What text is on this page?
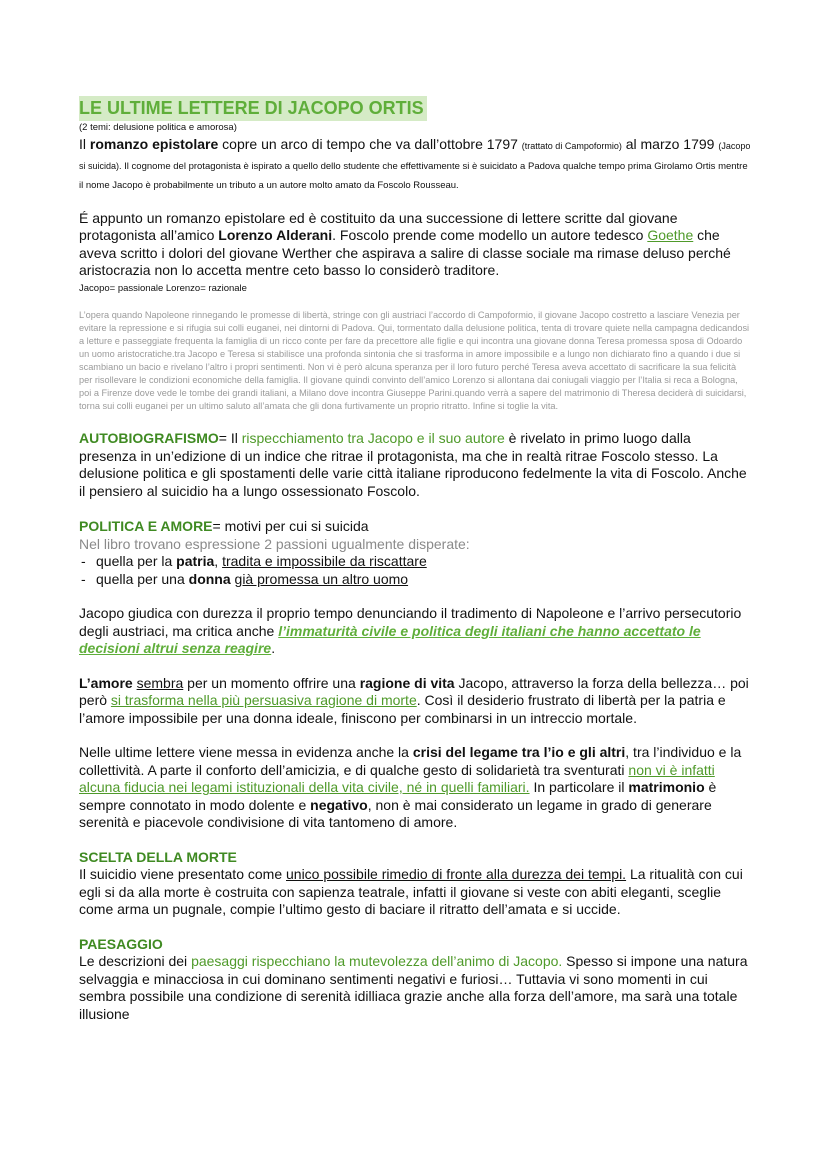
LE ULTIME LETTERE DI JACOPO ORTIS

(2 temi: delusione politica e amorosa)

Il romanzo epistolare copre un arco di tempo che va dall’ottobre 1797 (trattato di Campoformio) al marzo 1799 (Jacopo si suicida). Il cognome del protagonista è ispirato a quello dello studente che effettivamente si è suicidato a Padova qualche tempo prima Girolamo Ortis mentre il nome Jacopo è probabilmente un tributo a un autore molto amato da Foscolo Rousseau.

É appunto un romanzo epistolare ed è costituito da una successione di lettere scritte dal giovane protagonista all’amico Lorenzo Alderani. Foscolo prende come modello un autore tedesco Goethe che aveva scritto i dolori del giovane Werther che aspirava a salire di classe sociale ma rimase deluso perché aristocrazia non lo accetta mentre ceto basso lo considerò traditore.

Jacopo= passionale Lorenzo= razionale

L’opera quando Napoleone rinnegando le promesse di libertà, stringe con gli austriaci l’accordo di Campoformio, il giovane Jacopo costretto a lasciare Venezia per evitare la repressione e si rifugia sui colli euganei, nei dintorni di Padova. Qui, tormentato dalla delusione politica, tenta di trovare quiete nella campagna dedicandosi a letture e passeggiate frequenta la famiglia di un ricco conte per fare da precettore alle figlie e qui incontra una giovane donna Teresa promessa sposa di Odoardo un uomo aristocratiche.tra Jacopo e Teresa si stabilisce una profonda sintonia che si trasforma in amore impossibile e a lungo non dichiarato fino a quando i due si scambiano un bacio e rivelano l’altro i propri sentimenti. Non vi è però alcuna speranza per il loro futuro perché Teresa aveva accettato di sacrificare la sua felicità per risollevare le condizioni economiche della famiglia. Il giovane quindi convinto dell’amico Lorenzo si allontana dai coniugali viaggio per l’Italia si reca a Bologna, poi a Firenze dove vede le tombe dei grandi italiani, a Milano dove incontra Giuseppe Parini.quando verrà a sapere del matrimonio di Theresa deciderà di suicidarsi, torna sui colli euganei per un ultimo saluto all’amata che gli dona furtivamente un proprio ritratto. Infine si toglie la vita.

AUTOBIOGRAFISMO= Il rispecchiamento tra Jacopo e il suo autore è rivelato in primo luogo dalla presenza in un’edizione di un indice che ritrae il protagonista, ma che in realtà ritrae Foscolo stesso. La delusione politica e gli spostamenti delle varie città italiane riproducono fedelmente la vita di Foscolo. Anche il pensiero al suicidio ha a lungo ossessionato Foscolo.

POLITICA E AMORE= motivi per cui si suicida

Nel libro trovano espressione 2 passioni ugualmente disperate:

- quella per la patria, tradita e impossibile da riscattare
- quella per una donna già promessa un altro uomo

Jacopo giudica con durezza il proprio tempo denunciando il tradimento di Napoleone e l’arrivo persecutorio degli austriaci, ma critica anche l’immaturità civile e politica degli italiani che hanno accettato le decisioni altrui senza reagire.

L’amore sembra per un momento offrire una ragione di vita Jacopo, attraverso la forza della bellezza… poi però si trasforma nella più persuasiva ragione di morte. Così il desiderio frustrato di libertà per la patria e l’amore impossibile per una donna ideale, finiscono per combinarsi in un intreccio mortale.

Nelle ultime lettere viene messa in evidenza anche la crisi del legame tra l’io e gli altri, tra l’individuo e la collettività. A parte il conforto dell’amicizia, e di qualche gesto di solidarietà tra sventurati non vi è infatti alcuna fiducia nei legami istituzionali della vita civile, né in quelli familiari. In particolare il matrimonio è sempre connotato in modo dolente e negativo, non è mai considerato un legame in grado di generare serenità e piacevole condivisione di vita tantomeno di amore.

SCELTA DELLA MORTE

Il suicidio viene presentato come unico possibile rimedio di fronte alla durezza dei tempi. La ritualità con cui egli si da alla morte è costruita con sapienza teatrale, infatti il giovane si veste con abiti eleganti, sceglie come arma un pugnale, compie l’ultimo gesto di baciare il ritratto dell’amata e si uccide.

PAESAGGIO

Le descrizioni dei paesaggi rispecchiano la mutevolezza dell’animo di Jacopo. Spesso si impone una natura selvaggia e minacciosa in cui dominano sentimenti negativi e furiosi… Tuttavia vi sono momenti in cui sembra possibile una condizione di serenità idilliaca grazie anche alla forza dell’amore, ma sarà una totale illusione
